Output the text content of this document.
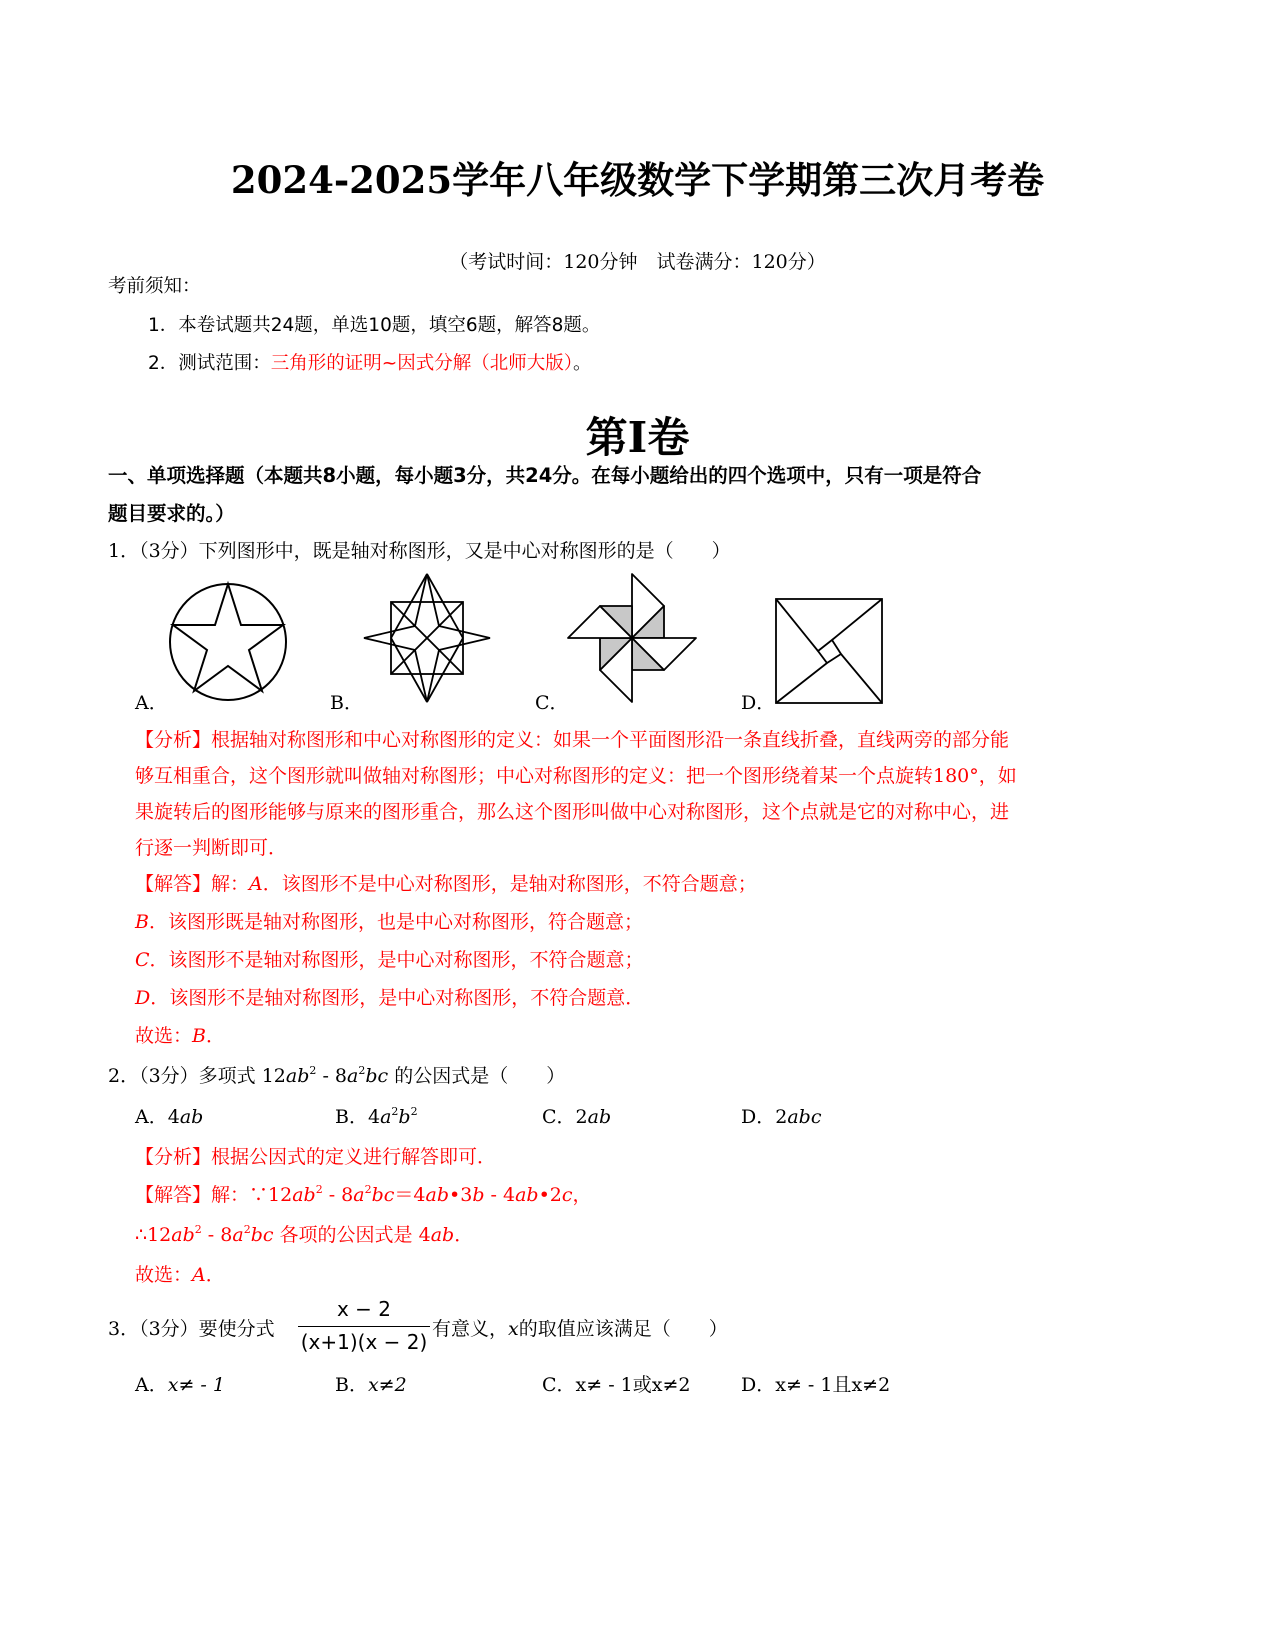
2024-2025学年八年级数学下学期第三次月考卷
（考试时间：120分钟　试卷满分：120分）
考前须知：
1．本卷试题共24题，单选10题，填空6题，解答8题。
2．测试范围：三角形的证明~因式分解（北师大版）。
第Ⅰ卷
一、单项选择题（本题共8小题，每小题3分，共24分。在每小题给出的四个选项中，只有一项是符合
题目要求的。）
1．（3分）下列图形中，既是轴对称图形，又是中心对称图形的是（　　）
A．	B．	C．	D．
【分析】根据轴对称图形和中心对称图形的定义：如果一个平面图形沿一条直线折叠，直线两旁的部分能
够互相重合，这个图形就叫做轴对称图形；中心对称图形的定义：把一个图形绕着某一个点旋转180°，如
果旋转后的图形能够与原来的图形重合，那么这个图形叫做中心对称图形，这个点就是它的对称中心，进
行逐一判断即可．
【解答】解：A．该图形不是中心对称图形，是轴对称图形，不符合题意；
B．该图形既是轴对称图形，也是中心对称图形，符合题意；
C．该图形不是轴对称图形，是中心对称图形，不符合题意；
D．该图形不是轴对称图形，是中心对称图形，不符合题意．
故选：B．
2．（3分）多项式 $12ab^2 - 8a^2bc$ 的公因式是（　　）
A．4ab	B．$4a^2b^2$	C．2ab	D．2abc
【分析】根据公因式的定义进行解答即可．
【解答】解：$\because 12ab^2$ - $8a^2bc=4ab•3b$ - 4ab•2c，
$\therefore 12ab^2 - 8a^2bc$ 各项的公因式是 4ab．
故选：A．
3．（3分）要使分式
x − 2
(x+1)(x − 2)
有意义，x的取值应该满足（　　）
A．x≠ - 1	B．x≠2	C．x≠ - 1或x≠2	D．x≠ - 1且x≠2
